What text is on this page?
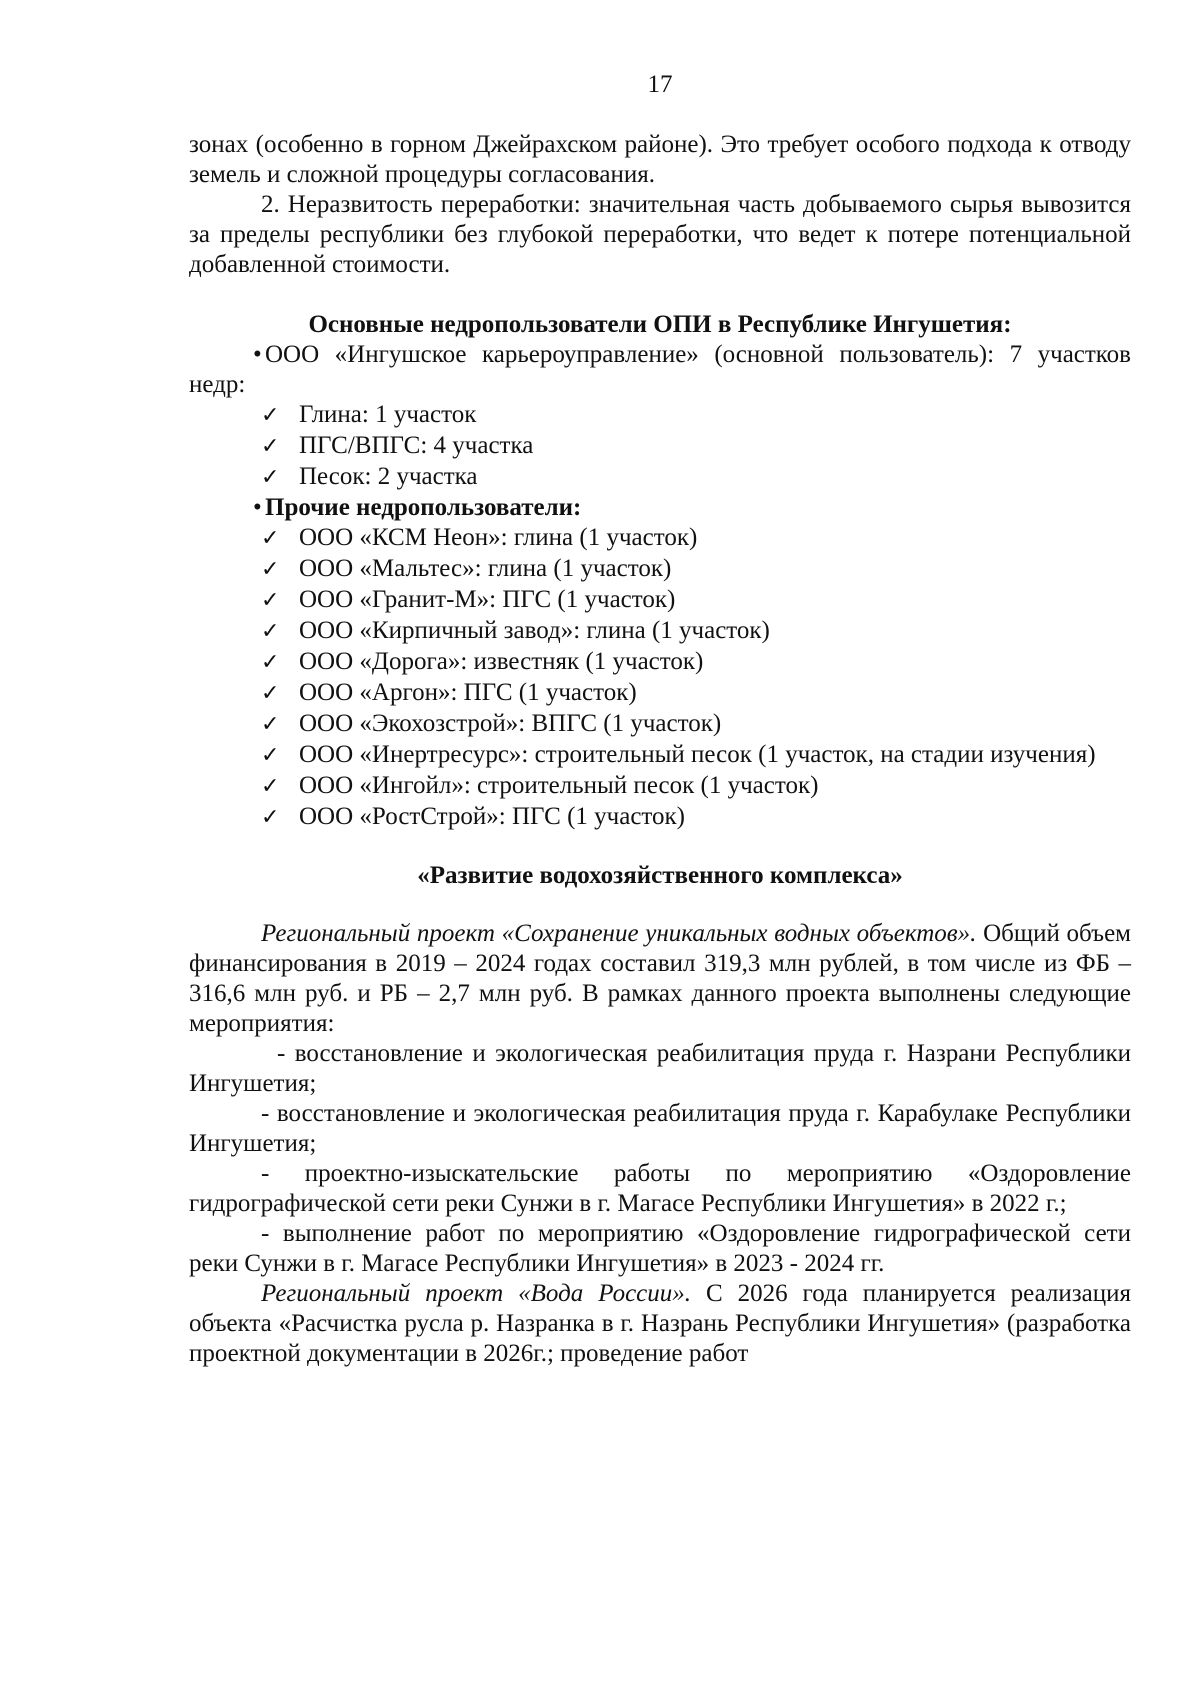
17

зонах (особенно в горном Джейрахском районе). Это требует особого подхода к отводу земель и сложной процедуры согласования.

2. Неразвитость переработки: значительная часть добываемого сырья вывозится за пределы республики без глубокой переработки, что ведет к потере потенциальной добавленной стоимости.

Основные недропользователи ОПИ в Республике Ингушетия:

• ООО «Ингушское карьероуправление» (основной пользователь): 7 участков недр:

✓ Глина: 1 участок
✓ ПГС/ВПГС: 4 участка
✓ Песок: 2 участка

• Прочие недропользователи:

✓ ООО «КСМ Неон»: глина (1 участок)
✓ ООО «Мальтес»: глина (1 участок)
✓ ООО «Гранит-М»: ПГС (1 участок)
✓ ООО «Кирпичный завод»: глина (1 участок)
✓ ООО «Дорога»: известняк (1 участок)
✓ ООО «Аргон»: ПГС (1 участок)
✓ ООО «Экохозстрой»: ВПГС (1 участок)

✓ ООО «Инертресурс»: строительный песок (1 участок, на стадии изучения)

✓ ООО «Ингойл»: строительный песок (1 участок)
✓ ООО «РостСтрой»: ПГС (1 участок)

«Развитие водохозяйственного комплекса»

Региональный проект «Сохранение уникальных водных объектов». Общий объем финансирования в 2019 – 2024 годах составил 319,3 млн рублей, в том числе из ФБ – 316,6 млн руб. и РБ – 2,7 млн руб. В рамках данного проекта выполнены следующие мероприятия:

- восстановление и экологическая реабилитация пруда г. Назрани Республики Ингушетия;

- восстановление и экологическая реабилитация пруда г. Карабулаке Республики Ингушетия;

- проектно-изыскательские работы по мероприятию «Оздоровление гидрографической сети реки Сунжи в г. Магасе Республики Ингушетия» в 2022 г.;

- выполнение работ по мероприятию «Оздоровление гидрографической сети реки Сунжи в г. Магасе Республики Ингушетия» в 2023 - 2024 гг.

Региональный проект «Вода России». С 2026 года планируется реализация объекта «Расчистка русла р. Назранка в г. Назрань Республики Ингушетия» (разработка проектной документации в 2026г.; проведение работ
